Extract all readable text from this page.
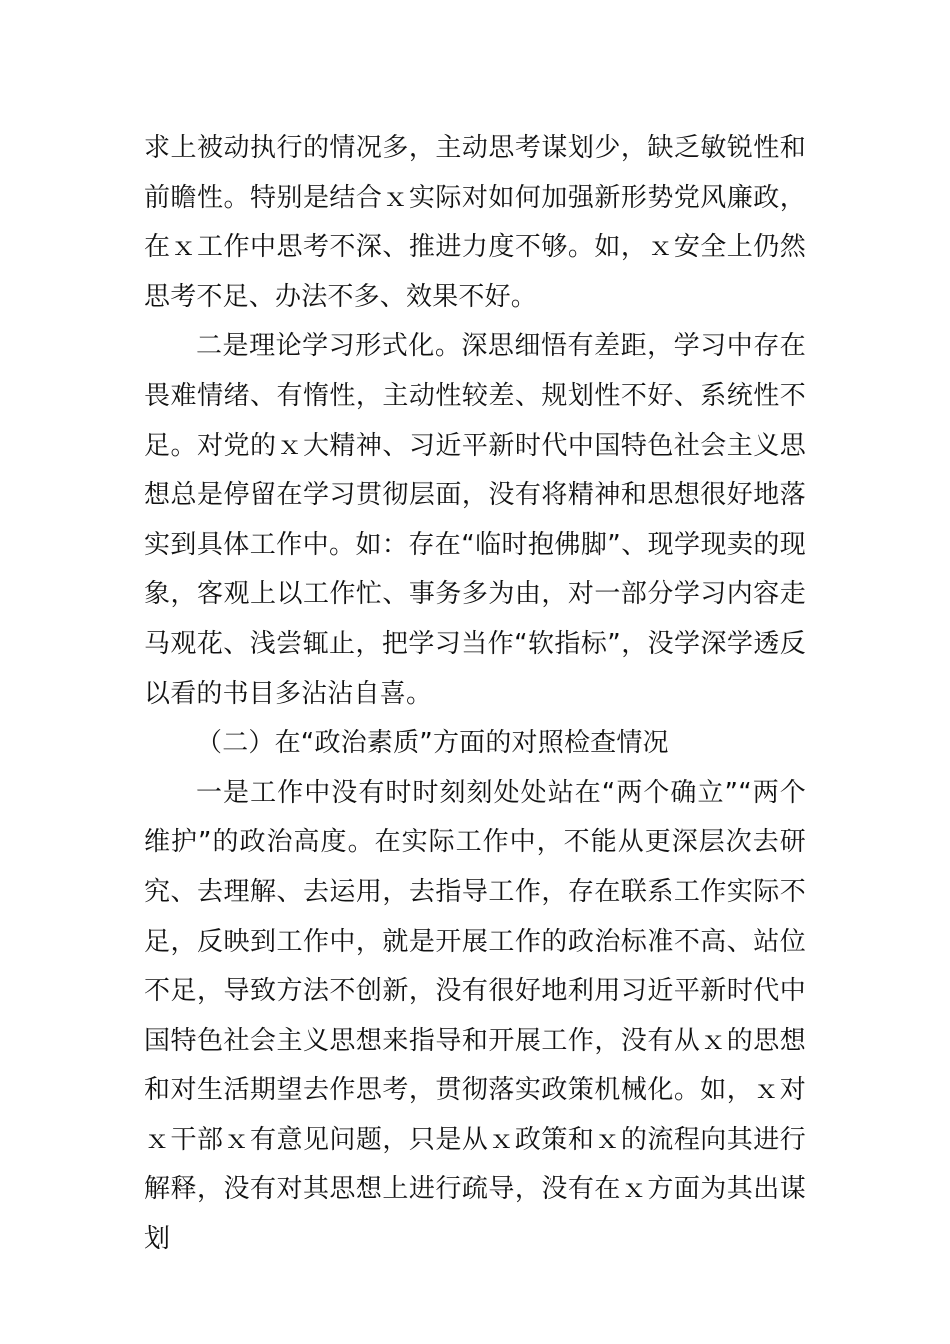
求上被动执行的情况多，主动思考谋划少，缺乏敏锐性和前瞻性。特别是结合ｘ实际对如何加强新形势党风廉政，在ｘ工作中思考不深、推进力度不够。如，ｘ安全上仍然思考不足、办法不多、效果不好。

二是理论学习形式化。深思细悟有差距，学习中存在畏难情绪、有惰性，主动性较差、规划性不好、系统性不足。对党的ｘ大精神、习近平新时代中国特色社会主义思想总是停留在学习贯彻层面，没有将精神和思想很好地落实到具体工作中。如：存在“临时抱佛脚”、现学现卖的现象，客观上以工作忙、事务多为由，对一部分学习内容走马观花、浅尝辄止，把学习当作“软指标”，没学深学透反以看的书目多沾沾自喜。

（二）在“政治素质”方面的对照检查情况

一是工作中没有时时刻刻处处站在“两个确立”“两个维护”的政治高度。在实际工作中，不能从更深层次去研究、去理解、去运用，去指导工作，存在联系工作实际不足，反映到工作中，就是开展工作的政治标准不高、站位不足，导致方法不创新，没有很好地利用习近平新时代中国特色社会主义思想来指导和开展工作，没有从ｘ的思想和对生活期望去作思考，贯彻落实政策机械化。如，ｘ对ｘ干部ｘ有意见问题，只是从ｘ政策和ｘ的流程向其进行解释，没有对其思想上进行疏导，没有在ｘ方面为其出谋划
